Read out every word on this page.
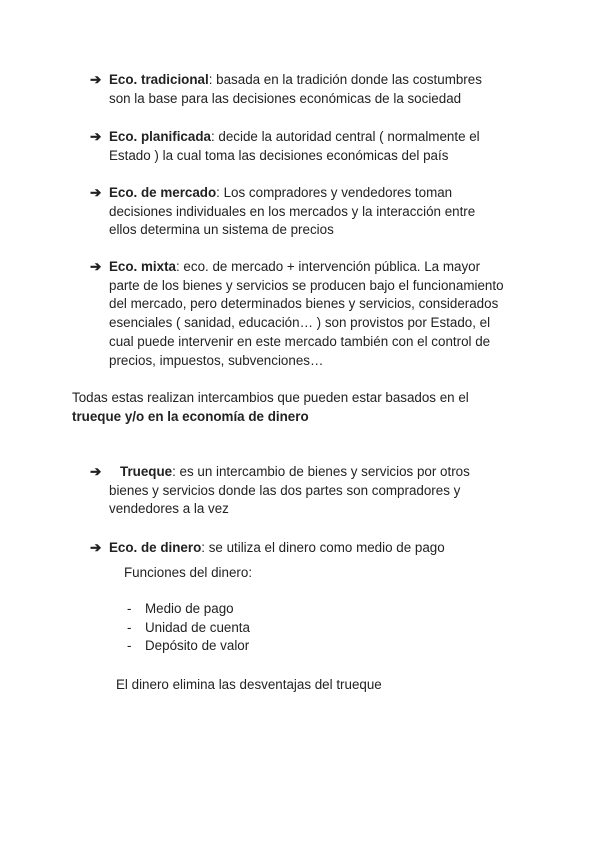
➔ Eco. tradicional: basada en la tradición donde las costumbres
son la base para las decisiones económicas de la sociedad
➔ Eco. planificada: decide la autoridad central ( normalmente el
Estado ) la cual toma las decisiones económicas del país
➔ Eco. de mercado: Los compradores y vendedores toman
decisiones individuales en los mercados y la interacción entre
ellos determina un sistema de precios
➔ Eco. mixta: eco. de mercado + intervención pública. La mayor
parte de los bienes y servicios se producen bajo el funcionamiento
del mercado, pero determinados bienes y servicios, considerados
esenciales ( sanidad, educación… ) son provistos por Estado, el
cual puede intervenir en este mercado también con el control de
precios, impuestos, subvenciones…
Todas estas realizan intercambios que pueden estar basados en el
trueque y/o en la economía de dinero
➔ Trueque: es un intercambio de bienes y servicios por otros
bienes y servicios donde las dos partes son compradores y
vendedores a la vez
➔ Eco. de dinero: se utiliza el dinero como medio de pago
Funciones del dinero:
- Medio de pago
- Unidad de cuenta
- Depósito de valor
El dinero elimina las desventajas del trueque
